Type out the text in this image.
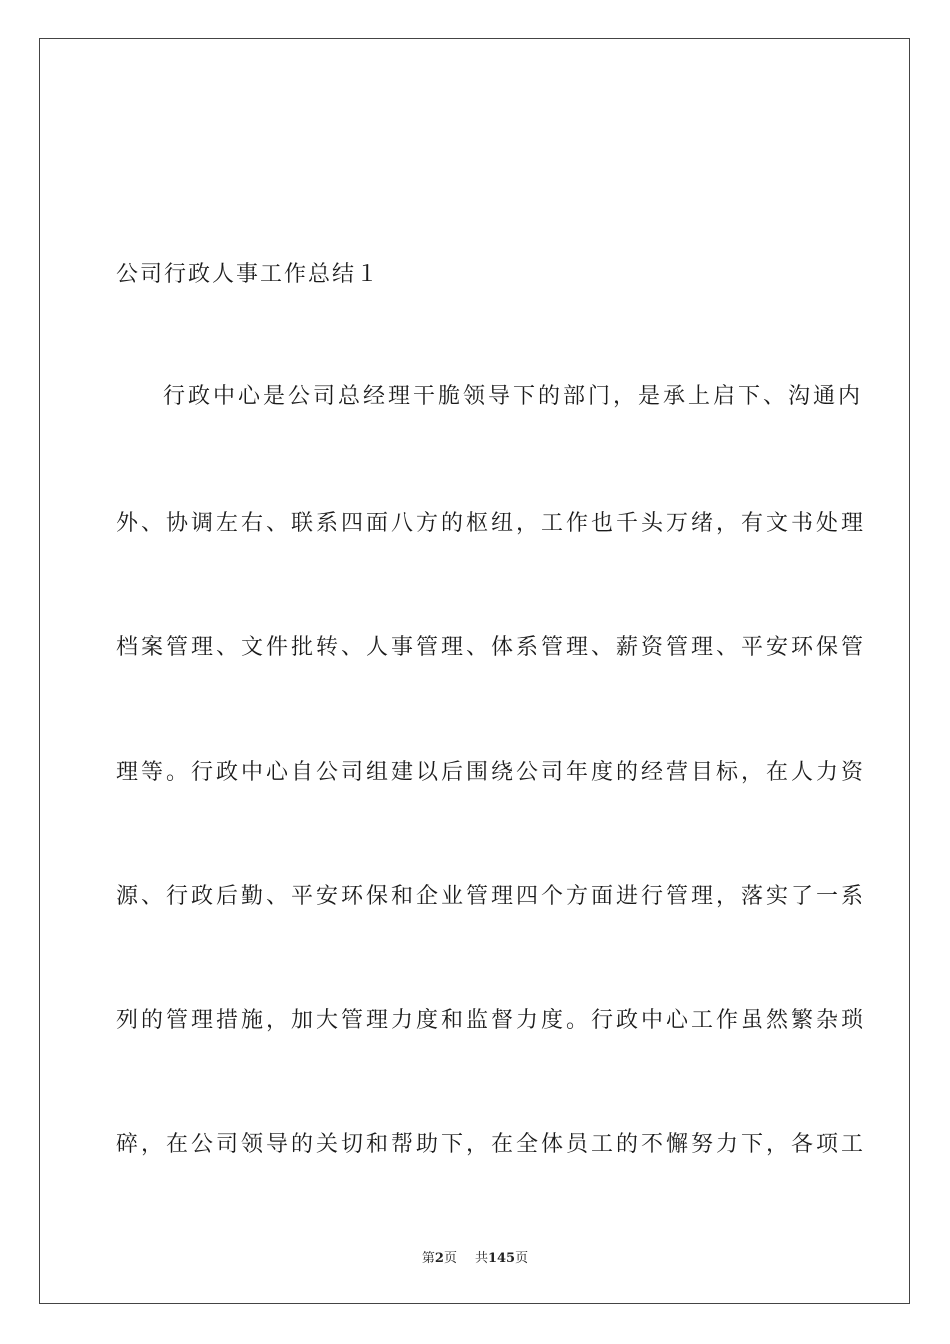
公司行政人事工作总结１
行政中心是公司总经理干脆领导下的部门，是承上启下、沟通内
外、协调左右、联系四面八方的枢纽，工作也千头万绪，有文书处理
档案管理、文件批转、人事管理、体系管理、薪资管理、平安环保管
理等。行政中心自公司组建以后围绕公司年度的经营目标，在人力资
源、行政后勤、平安环保和企业管理四个方面进行管理，落实了一系
列的管理措施，加大管理力度和监督力度。行政中心工作虽然繁杂琐
碎，在公司领导的关切和帮助下，在全体员工的不懈努力下，各项工
第2页 共145页
